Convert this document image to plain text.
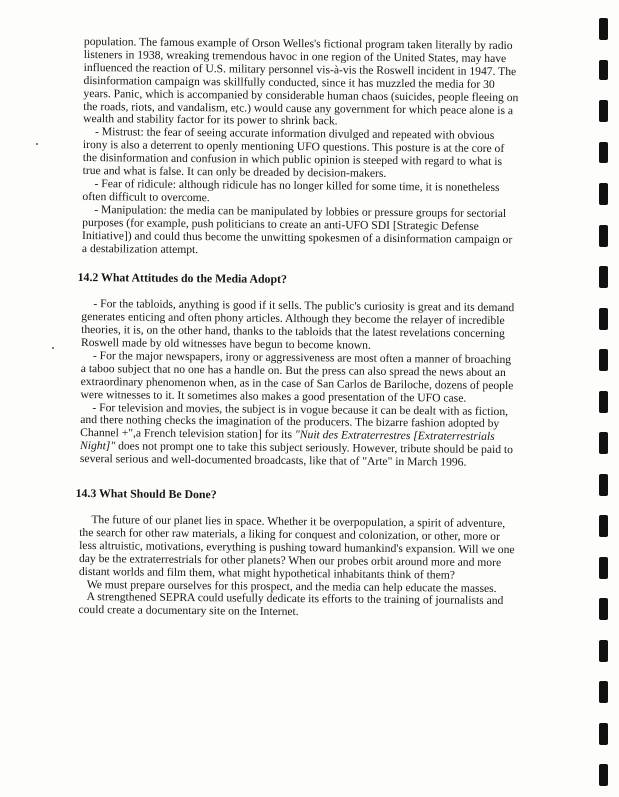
population. The famous example of Orson Welles's fictional program taken literally by radio listeners in 1938, wreaking tremendous havoc in one region of the United States, may have influenced the reaction of U.S. military personnel vis-à-vis the Roswell incident in 1947. The disinformation campaign was skillfully conducted, since it has muzzled the media for 30 years. Panic, which is accompanied by considerable human chaos (suicides, people fleeing on the roads, riots, and vandalism, etc.) would cause any government for which peace alone is a wealth and stability factor for its power to shrink back.

- Mistrust: the fear of seeing accurate information divulged and repeated with obvious irony is also a deterrent to openly mentioning UFO questions. This posture is at the core of the disinformation and confusion in which public opinion is steeped with regard to what is true and what is false. It can only be dreaded by decision-makers.

- Fear of ridicule: although ridicule has no longer killed for some time, it is nonetheless often difficult to overcome.

- Manipulation: the media can be manipulated by lobbies or pressure groups for sectorial purposes (for example, push politicians to create an anti-UFO SDI [Strategic Defense Initiative]) and could thus become the unwitting spokesmen of a disinformation campaign or a destabilization attempt.

14.2 What Attitudes do the Media Adopt?

- For the tabloids, anything is good if it sells. The public's curiosity is great and its demand generates enticing and often phony articles. Although they become the relayer of incredible theories, it is, on the other hand, thanks to the tabloids that the latest revelations concerning Roswell made by old witnesses have begun to become known.

- For the major newspapers, irony or aggressiveness are most often a manner of broaching a taboo subject that no one has a handle on. But the press can also spread the news about an extraordinary phenomenon when, as in the case of San Carlos de Bariloche, dozens of people were witnesses to it. It sometimes also makes a good presentation of the UFO case.

- For television and movies, the subject is in vogue because it can be dealt with as fiction, and there nothing checks the imagination of the producers. The bizarre fashion adopted by Channel +",a French television station] for its "Nuit des Extraterrestres [Extraterrestrials Night]" does not prompt one to take this subject seriously. However, tribute should be paid to several serious and well-documented broadcasts, like that of "Arte" in March 1996.

14.3 What Should Be Done?

The future of our planet lies in space. Whether it be overpopulation, a spirit of adventure, the search for other raw materials, a liking for conquest and colonization, or other, more or less altruistic, motivations, everything is pushing toward humankind's expansion. Will we one day be the extraterrestrials for other planets? When our probes orbit around more and more distant worlds and film them, what might hypothetical inhabitants think of them?

We must prepare ourselves for this prospect, and the media can help educate the masses.

A strengthened SEPRA could usefully dedicate its efforts to the training of journalists and could create a documentary site on the Internet.
